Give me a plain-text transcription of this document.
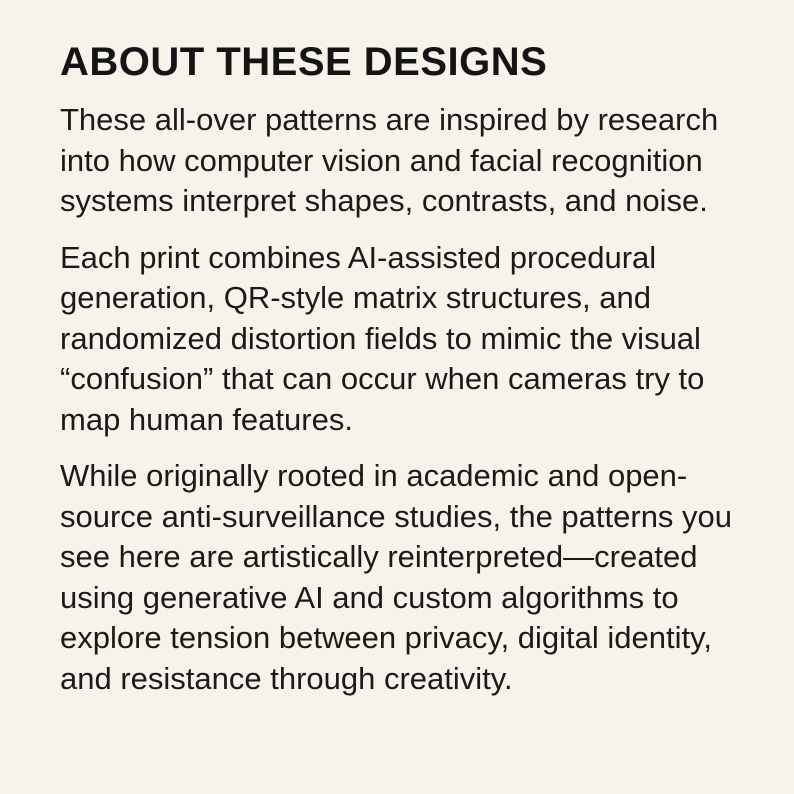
ABOUT THESE DESIGNS

These all-over patterns are inspired by research into how computer vision and facial recognition systems interpret shapes, contrasts, and noise.

Each print combines AI-assisted procedural generation, QR-style matrix structures, and randomized distortion fields to mimic the visual “confusion” that can occur when cameras try to map human features.

While originally rooted in academic and open-source anti-surveillance studies, the patterns you see here are artistically reinterpreted—created using generative AI and custom algorithms to explore tension between privacy, digital identity, and resistance through creativity.
